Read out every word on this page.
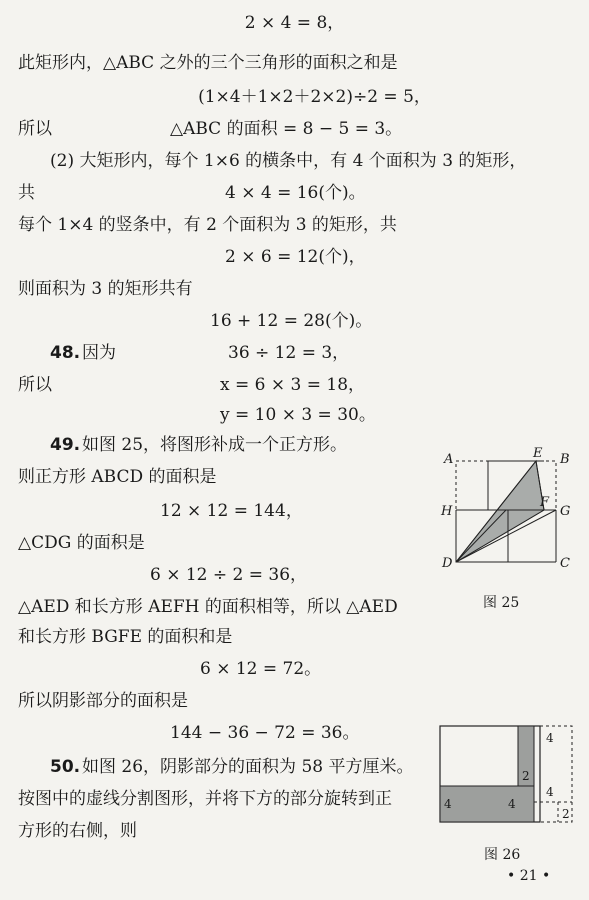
2 × 4 = 8，
此矩形内，△ABC 之外的三个三角形的面积之和是
(1×4＋1×2＋2×2)÷2 = 5，
所以	△ABC 的面积 = 8 − 5 = 3。
(2) 大矩形内，每个 1×6 的横条中，有 4 个面积为 3 的矩形，
共	4 × 4 = 16(个)。
每个 1×4 的竖条中，有 2 个面积为 3 的矩形，共
2 × 6 = 12(个)，
则面积为 3 的矩形共有
16 + 12 = 28(个)。
48. 因为	36 ÷ 12 = 3，
所以	x = 6 × 3 = 18，
y = 10 × 3 = 30。
49. 如图 25，将图形补成一个正方形。
则正方形 ABCD 的面积是
12 × 12 = 144，
△CDG 的面积是
6 × 12 ÷ 2 = 36，
△AED 和长方形 AEFH 的面积相等，所以 △AED
和长方形 BGFE 的面积和是
6 × 12 = 72。
所以阴影部分的面积是
144 − 36 − 72 = 36。
50. 如图 26，阴影部分的面积为 58 平方厘米。
按图中的虚线分割图形，并将下方的部分旋转到正
方形的右侧，则
A	E B
H
F
G
D	C
图 25
4
2
4
2
4	4
图 26
• 21 •
